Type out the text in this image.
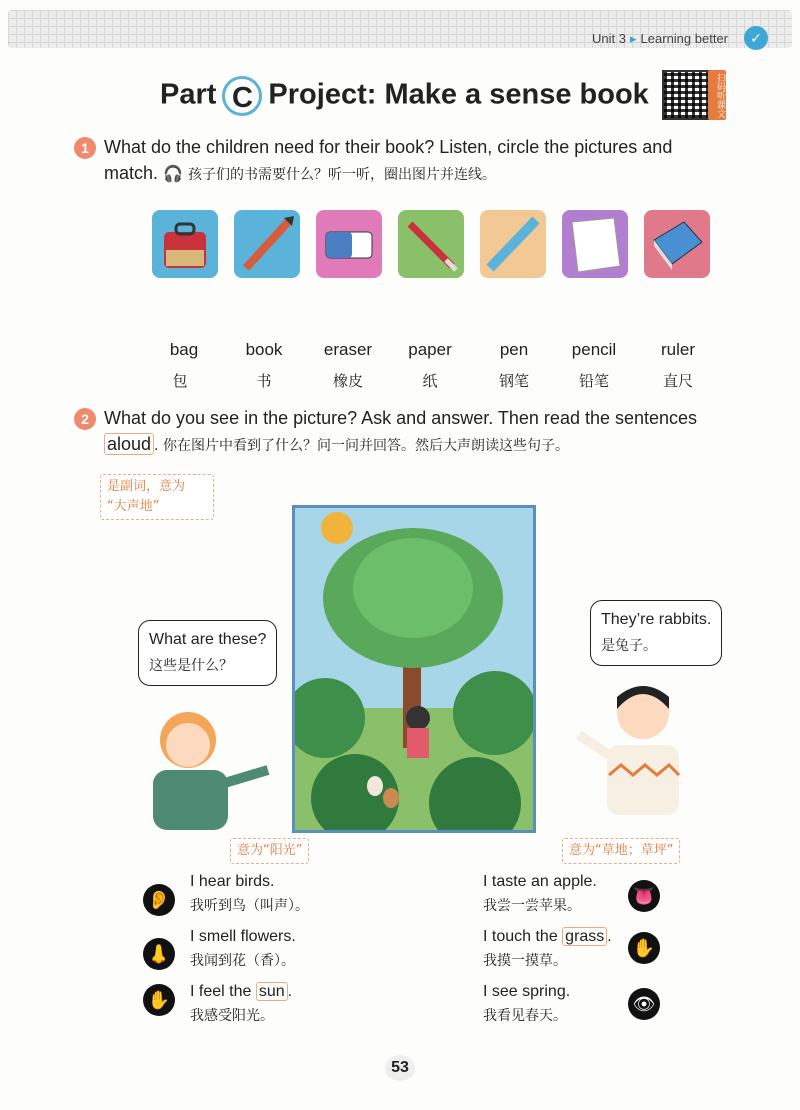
Unit 3 ▸ Learning better	✓
Part C Project: Make a sense book	扫码听课文
1 What do the children need for their book? Listen, circle the pictures and
match. 🎧 孩子们的书需要什么？听一听，圈出图片并连线。
bag	book	eraser	paper	pen	pencil	ruler
包	书	橡皮	纸	钢笔	铅笔	直尺
2 What do you see in the picture? Ask and answer. Then read the sentences
aloud . 你在图片中看到了什么？问一问并回答。然后大声朗读这些句子。
是副词，意为
“大声地”
What are these?
这些是什么？
They’re rabbits.
是兔子。
意为“阳光”	意为“草地；草坪”
👂
I hear birds.
我听到鸟（叫声）。
👃
I smell flowers.
我闻到花（香）。
✋ I feel the sun .
我感受阳光。
I taste an apple.
我尝一尝苹果。	👅
I touch the grass .
我摸一摸草。
✋
I see spring.
我看见春天。
👁
53
